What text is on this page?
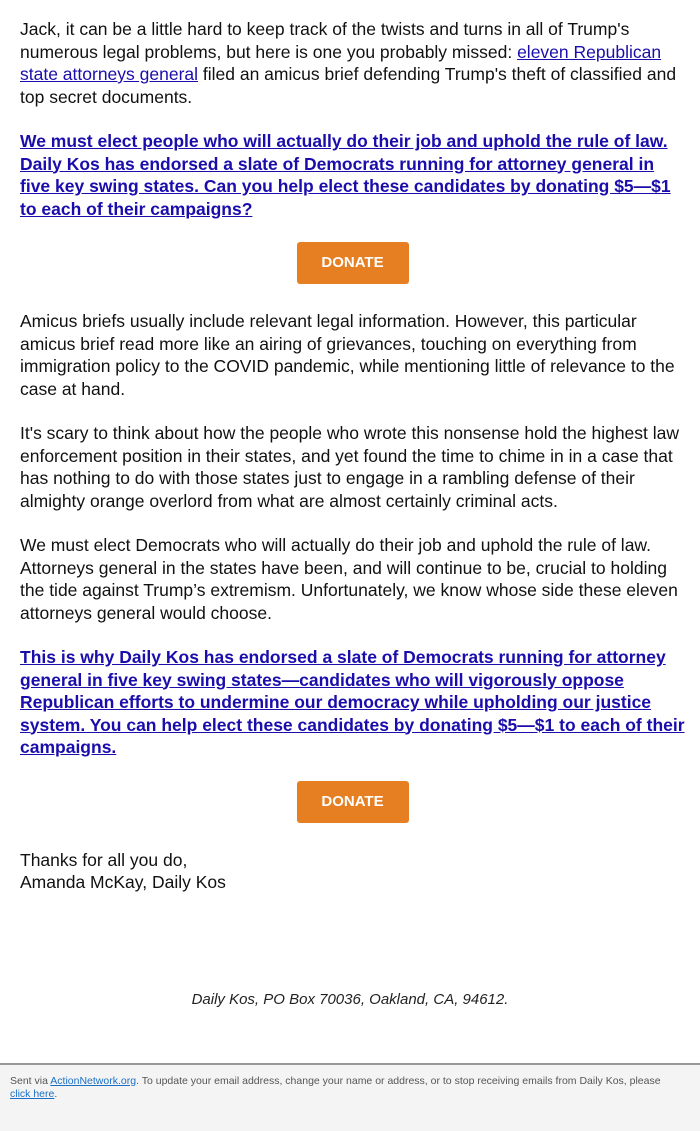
Jack, it can be a little hard to keep track of the twists and turns in all of Trump's numerous legal problems, but here is one you probably missed: eleven Republican state attorneys general filed an amicus brief defending Trump's theft of classified and top secret documents.

We must elect people who will actually do their job and uphold the rule of law. Daily Kos has endorsed a slate of Democrats running for attorney general in five key swing states. Can you help elect these candidates by donating $5—$1 to each of their campaigns?
DONATE

Amicus briefs usually include relevant legal information. However, this particular amicus brief read more like an airing of grievances, touching on everything from immigration policy to the COVID pandemic, while mentioning little of relevance to the case at hand.

It's scary to think about how the people who wrote this nonsense hold the highest law enforcement position in their states, and yet found the time to chime in in a case that has nothing to do with those states just to engage in a rambling defense of their almighty orange overlord from what are almost certainly criminal acts.

We must elect Democrats who will actually do their job and uphold the rule of law. Attorneys general in the states have been, and will continue to be, crucial to holding the tide against Trump’s extremism. Unfortunately, we know whose side these eleven attorneys general would choose.

This is why Daily Kos has endorsed a slate of Democrats running for attorney general in five key swing states—candidates who will vigorously oppose Republican efforts to undermine our democracy while upholding our justice system. You can help elect these candidates by donating $5—$1 to each of their campaigns.
DONATE
Thanks for all you do,
Amanda McKay, Daily Kos
Daily Kos, PO Box 70036, Oakland, CA, 94612.
Sent via ActionNetwork.org. To update your email address, change your name or address, or to stop receiving emails from Daily Kos, please click here.
